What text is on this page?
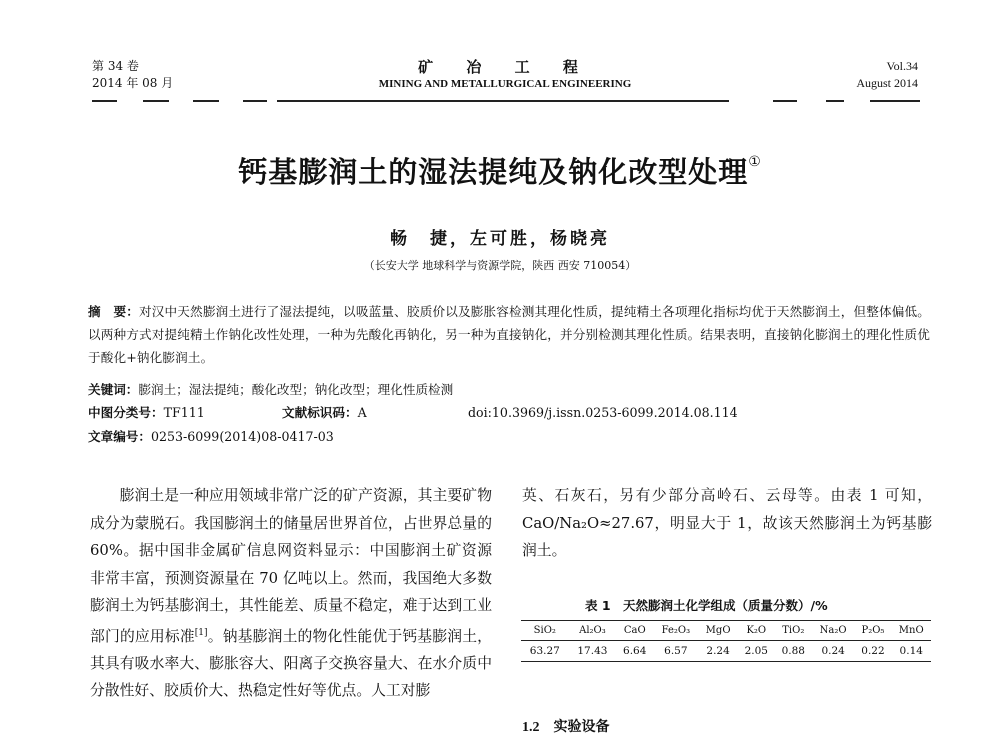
第 34 卷
2014 年 08 月
矿 冶 工 程
MINING AND METALLURGICAL ENGINEERING
Vol.34
August 2014
钙基膨润土的湿法提纯及钠化改型处理①
畅　捷，左可胜，杨晓亮
（长安大学 地球科学与资源学院，陕西 西安 710054）
摘　要：对汉中天然膨润土进行了湿法提纯，以吸蓝量、胶质价以及膨胀容检测其理化性质，提纯精土各项理化指标均优于天然膨润土，但整体偏低。以两种方式对提纯精土作钠化改性处理，一种为先酸化再钠化，另一种为直接钠化，并分别检测其理化性质。结果表明，直接钠化膨润土的理化性质优于酸化+钠化膨润土。
关键词：膨润土；湿法提纯；酸化改型；钠化改型；理化性质检测
中图分类号：TF111	文献标识码：A	doi:10.3969/j.issn.0253-6099.2014.08.114
文章编号：0253-6099(2014)08-0417-03
膨润土是一种应用领域非常广泛的矿产资源，其主要矿物成分为蒙脱石。我国膨润土的储量居世界首位，占世界总量的 60%。据中国非金属矿信息网资料显示：中国膨润土矿资源非常丰富，预测资源量在 70 亿吨以上。然而，我国绝大多数膨润土为钙基膨润土，其性能差、质量不稳定，难于达到工业部门的应用标准[1]。钠基膨润土的物化性能优于钙基膨润土，其具有吸水率大、膨胀容大、阳离子交换容量大、在水介质中分散性好、胶质价大、热稳定性好等优点。人工对膨
英、石灰石，另有少部分高岭石、云母等。由表 1 可知，CaO/Na₂O≈27.67，明显大于 1，故该天然膨润土为钙基膨润土。
表 1　天然膨润土化学组成（质量分数）/%
SiO₂	Al₂O₃	CaO	Fe₂O₃	MgO	K₂O	TiO₂	Na₂O	P₂O₅	MnO
63.27	17.43	6.64	6.57	2.24	2.05	0.88	0.24	0.22	0.14
1.2 实验设备
